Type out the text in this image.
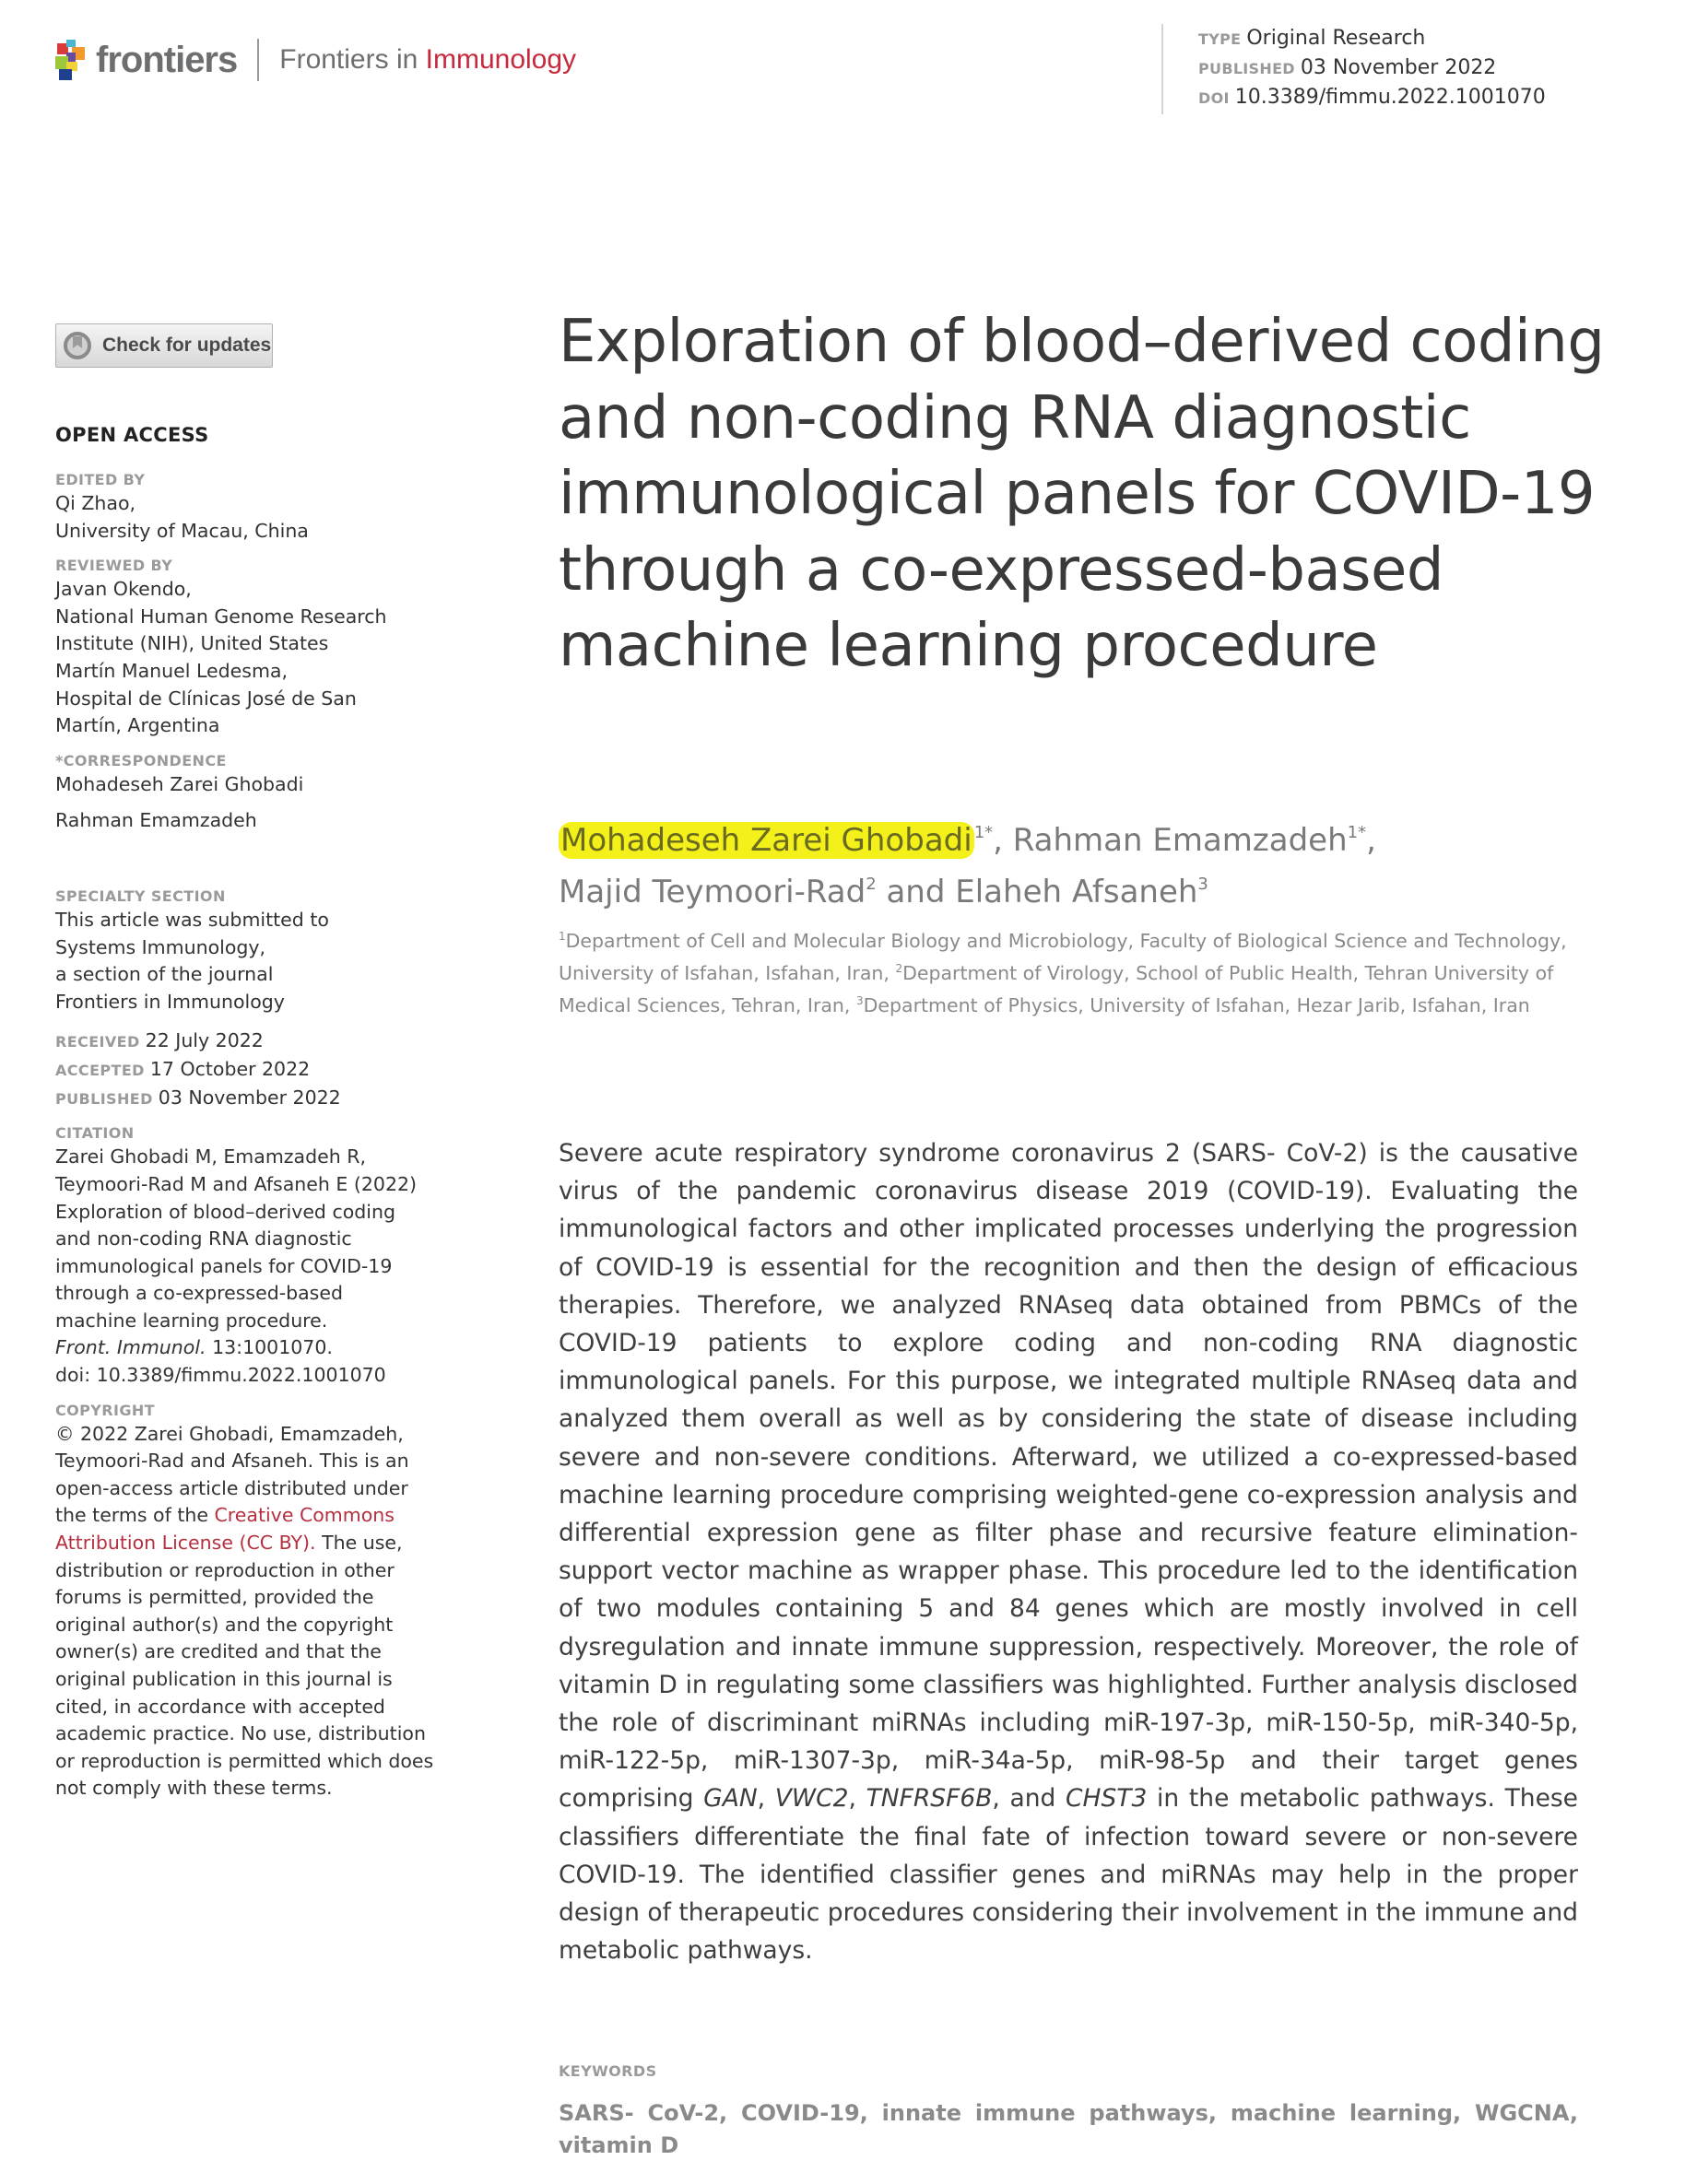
frontiers Frontiers in Immunology
TYPE Original Research
PUBLISHED 03 November 2022
DOI 10.3389/fimmu.2022.1001070
Check for updates
OPEN ACCESS
EDITED BY
Qi Zhao,
University of Macau, China
REVIEWED BY
Javan Okendo,
National Human Genome Research
Institute (NIH), United States
Martín Manuel Ledesma,
Hospital de Clínicas José de San
Martín, Argentina
*CORRESPONDENCE
Mohadeseh Zarei Ghobadi
Rahman Emamzadeh
SPECIALTY SECTION
This article was submitted to
Systems Immunology,
a section of the journal
Frontiers in Immunology
RECEIVED 22 July 2022
ACCEPTED 17 October 2022
PUBLISHED 03 November 2022
CITATION
Zarei Ghobadi M, Emamzadeh R,
Teymoori-Rad M and Afsaneh E (2022)
Exploration of blood–derived coding
and non-coding RNA diagnostic
immunological panels for COVID-19
through a co-expressed-based
machine learning procedure.
Front. Immunol. 13:1001070.
doi: 10.3389/fimmu.2022.1001070
COPYRIGHT
© 2022 Zarei Ghobadi, Emamzadeh, Teymoori-Rad and Afsaneh. This is an open-access article distributed under the terms of the Creative Commons Attribution License (CC BY). The use, distribution or reproduction in other forums is permitted, provided the original author(s) and the copyright owner(s) are credited and that the original publication in this journal is cited, in accordance with accepted academic practice. No use, distribution or reproduction is permitted which does not comply with these terms.
Exploration of blood–derived coding and non-coding RNA diagnostic immunological panels for COVID-19 through a co-expressed-based machine learning procedure
Mohadeseh Zarei Ghobadi $^{1*}$, Rahman Emamzadeh$^{1*}$,
Majid Teymoori-Rad$^2$ and Elaheh Afsaneh$^3$
$^1$Department of Cell and Molecular Biology and Microbiology, Faculty of Biological Science and Technology, University of Isfahan, Isfahan, Iran, $^2$Department of Virology, School of Public Health, Tehran University of Medical Sciences, Tehran, Iran, $^3$Department of Physics, University of Isfahan, Hezar Jarib, Isfahan, Iran
Severe acute respiratory syndrome coronavirus 2 (SARS- CoV-2) is the causative virus of the pandemic coronavirus disease 2019 (COVID-19). Evaluating the immunological factors and other implicated processes underlying the progression of COVID-19 is essential for the recognition and then the design of efficacious therapies. Therefore, we analyzed RNAseq data obtained from PBMCs of the COVID-19 patients to explore coding and non-coding RNA diagnostic immunological panels. For this purpose, we integrated multiple RNAseq data and analyzed them overall as well as by considering the state of disease including severe and non-severe conditions. Afterward, we utilized a co-expressed-based machine learning procedure comprising weighted-gene co-expression analysis and differential expression gene as filter phase and recursive feature elimination-support vector machine as wrapper phase. This procedure led to the identification of two modules containing 5 and 84 genes which are mostly involved in cell dysregulation and innate immune suppression, respectively. Moreover, the role of vitamin D in regulating some classifiers was highlighted. Further analysis disclosed the role of discriminant miRNAs including miR-197-3p, miR-150-5p, miR-340-5p, miR-122-5p, miR-1307-3p, miR-34a-5p, miR-98-5p and their target genes comprising GAN, VWC2, TNFRSF6B, and CHST3 in the metabolic pathways. These classifiers differentiate the final fate of infection toward severe or non-severe COVID-19. The identified classifier genes and miRNAs may help in the proper design of therapeutic procedures considering their involvement in the immune and metabolic pathways.
KEYWORDS
SARS- CoV-2, COVID-19, innate immune pathways, machine learning, WGCNA, vitamin D
